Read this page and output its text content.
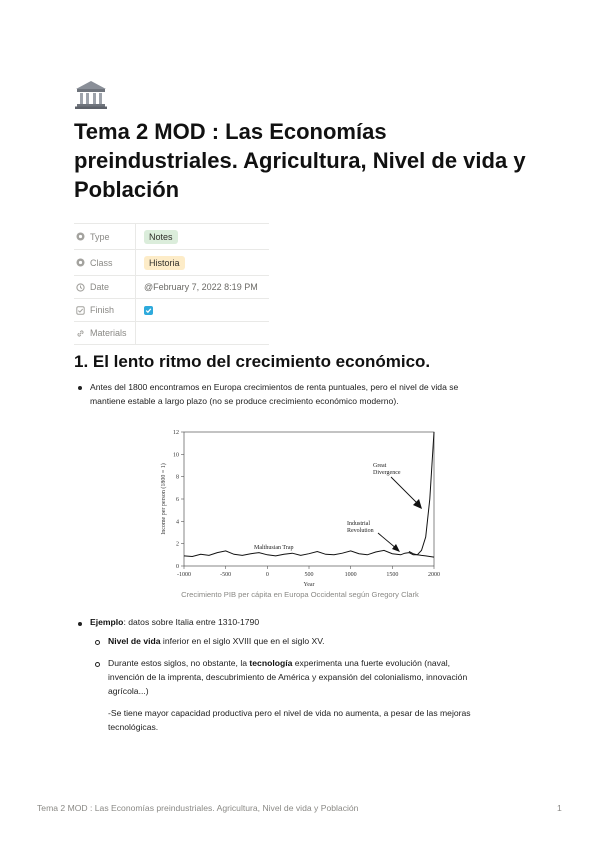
Tema 2 MOD : Las Economías preindustriales. Agricultura, Nivel de vida y Población
Type	Notes
Class	Historia
Date	@February 7, 2022 8:19 PM
Finish
Materials
1. El lento ritmo del crecimiento económico.
Antes del 1800 encontramos en Europa crecimientos de renta puntuales, pero el nivel de vida se
mantiene estable a largo plazo (no se produce crecimiento económico moderno).
0
2
4
6
8
10
12
-1000	-500	0	500	1000	1500	2000
Income per person (1800 = 1)
Year
Malthusian Trap
Industrial
Revolution
Great
Divergence
Crecimiento PIB per cápita en Europa Occidental según Gregory Clark
Ejemplo: datos sobre Italia entre 1310-1790
Nivel de vida inferior en el siglo XVIII que en el siglo XV.
Durante estos siglos, no obstante, la tecnología experimenta una fuerte evolución (naval,
invención de la imprenta, descubrimiento de América y expansión del colonialismo, innovación
agrícola...)
-Se tiene mayor capacidad productiva pero el nivel de vida no aumenta, a pesar de las mejoras
tecnológicas.
Tema 2 MOD : Las Economías preindustriales. Agricultura, Nivel de vida y Población	1
